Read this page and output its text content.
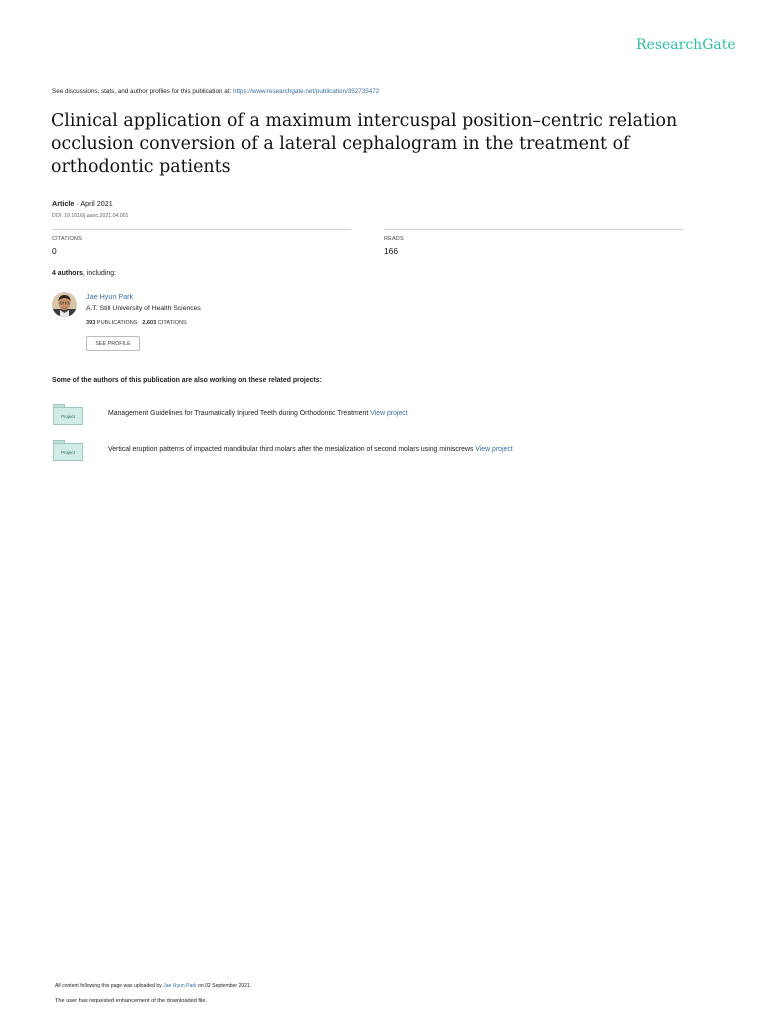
ResearchGate
See discussions, stats, and author profiles for this publication at: https://www.researchgate.net/publication/352735472
Clinical application of a maximum intercuspal position–centric relation occlusion conversion of a lateral cephalogram in the treatment of orthodontic patients
Article · April 2021
DOI: 10.1016/j.aaoc.2021.04.001
CITATIONS
0
READS
166
4 authors, including:
Jae Hyun Park
A.T. Still University of Health Sciences
393 PUBLICATIONS 2,603 CITATIONS
SEE PROFILE
Some of the authors of this publication are also working on these related projects:
Project	Management Guidelines for Traumatically Injured Teeth during Orthodontic Treatment View project
Project	Vertical eruption patterns of impacted mandibular third molars after the mesialization of second molars using miniscrews View project
All content following this page was uploaded by Jae Hyun Park on 02 September 2021.
The user has requested enhancement of the downloaded file.
